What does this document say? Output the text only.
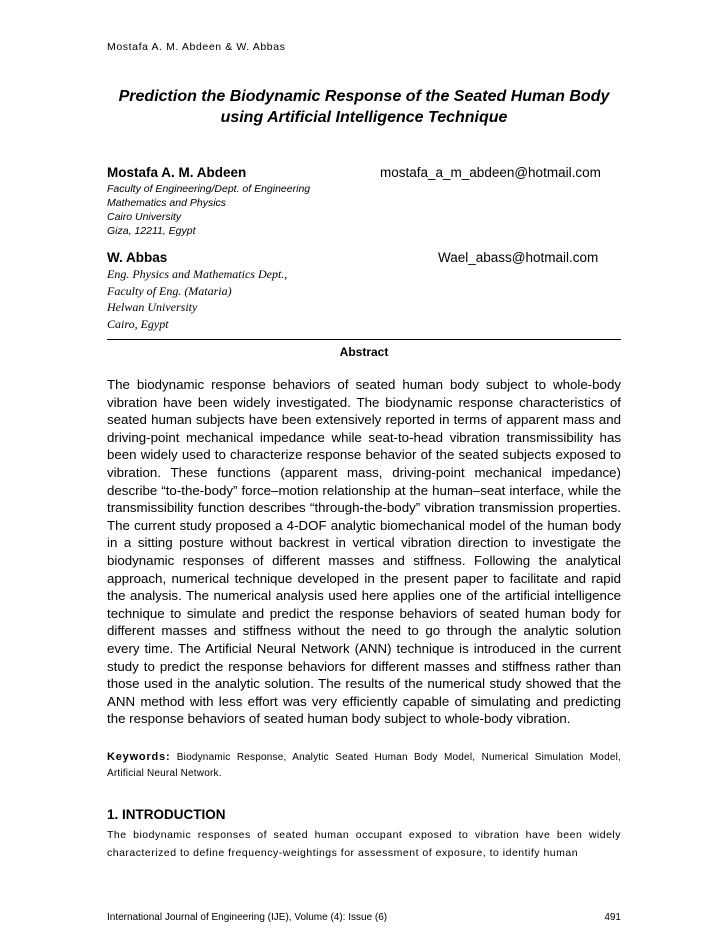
Mostafa A. M. Abdeen & W. Abbas
Prediction the Biodynamic Response of the Seated Human Body
using Artificial Intelligence Technique
Mostafa A. M. Abdeen	mostafa_a_m_abdeen@hotmail.com
Faculty of Engineering/Dept. of Engineering
Mathematics and Physics
Cairo University
Giza, 12211, Egypt
W. Abbas	Wael_abass@hotmail.com
Eng. Physics and Mathematics Dept.,
Faculty of Eng. (Mataria)
Helwan University
Cairo, Egypt
Abstract
The biodynamic response behaviors of seated human body subject to whole-body vibration have been widely investigated. The biodynamic response characteristics of seated human subjects have been extensively reported in terms of apparent mass and driving-point mechanical impedance while seat-to-head vibration transmissibility has been widely used to characterize response behavior of the seated subjects exposed to vibration. These functions (apparent mass, driving-point mechanical impedance) describe “to-the-body” force–motion relationship at the human–seat interface, while the transmissibility function describes “through-the-body” vibration transmission properties. The current study proposed a 4-DOF analytic biomechanical model of the human body in a sitting posture without backrest in vertical vibration direction to investigate the biodynamic responses of different masses and stiffness. Following the analytical approach, numerical technique developed in the present paper to facilitate and rapid the analysis. The numerical analysis used here applies one of the artificial intelligence technique to simulate and predict the response behaviors of seated human body for different masses and stiffness without the need to go through the analytic solution every time. The Artificial Neural Network (ANN) technique is introduced in the current study to predict the response behaviors for different masses and stiffness rather than those used in the analytic solution. The results of the numerical study showed that the ANN method with less effort was very efficiently capable of simulating and predicting the response behaviors of seated human body subject to whole-body vibration.
Keywords: Biodynamic Response, Analytic Seated Human Body Model, Numerical Simulation Model, Artificial Neural Network.
1. INTRODUCTION
The biodynamic responses of seated human occupant exposed to vibration have been widely characterized to define frequency-weightings for assessment of exposure, to identify human
International Journal of Engineering (IJE), Volume (4): Issue (6)	491
